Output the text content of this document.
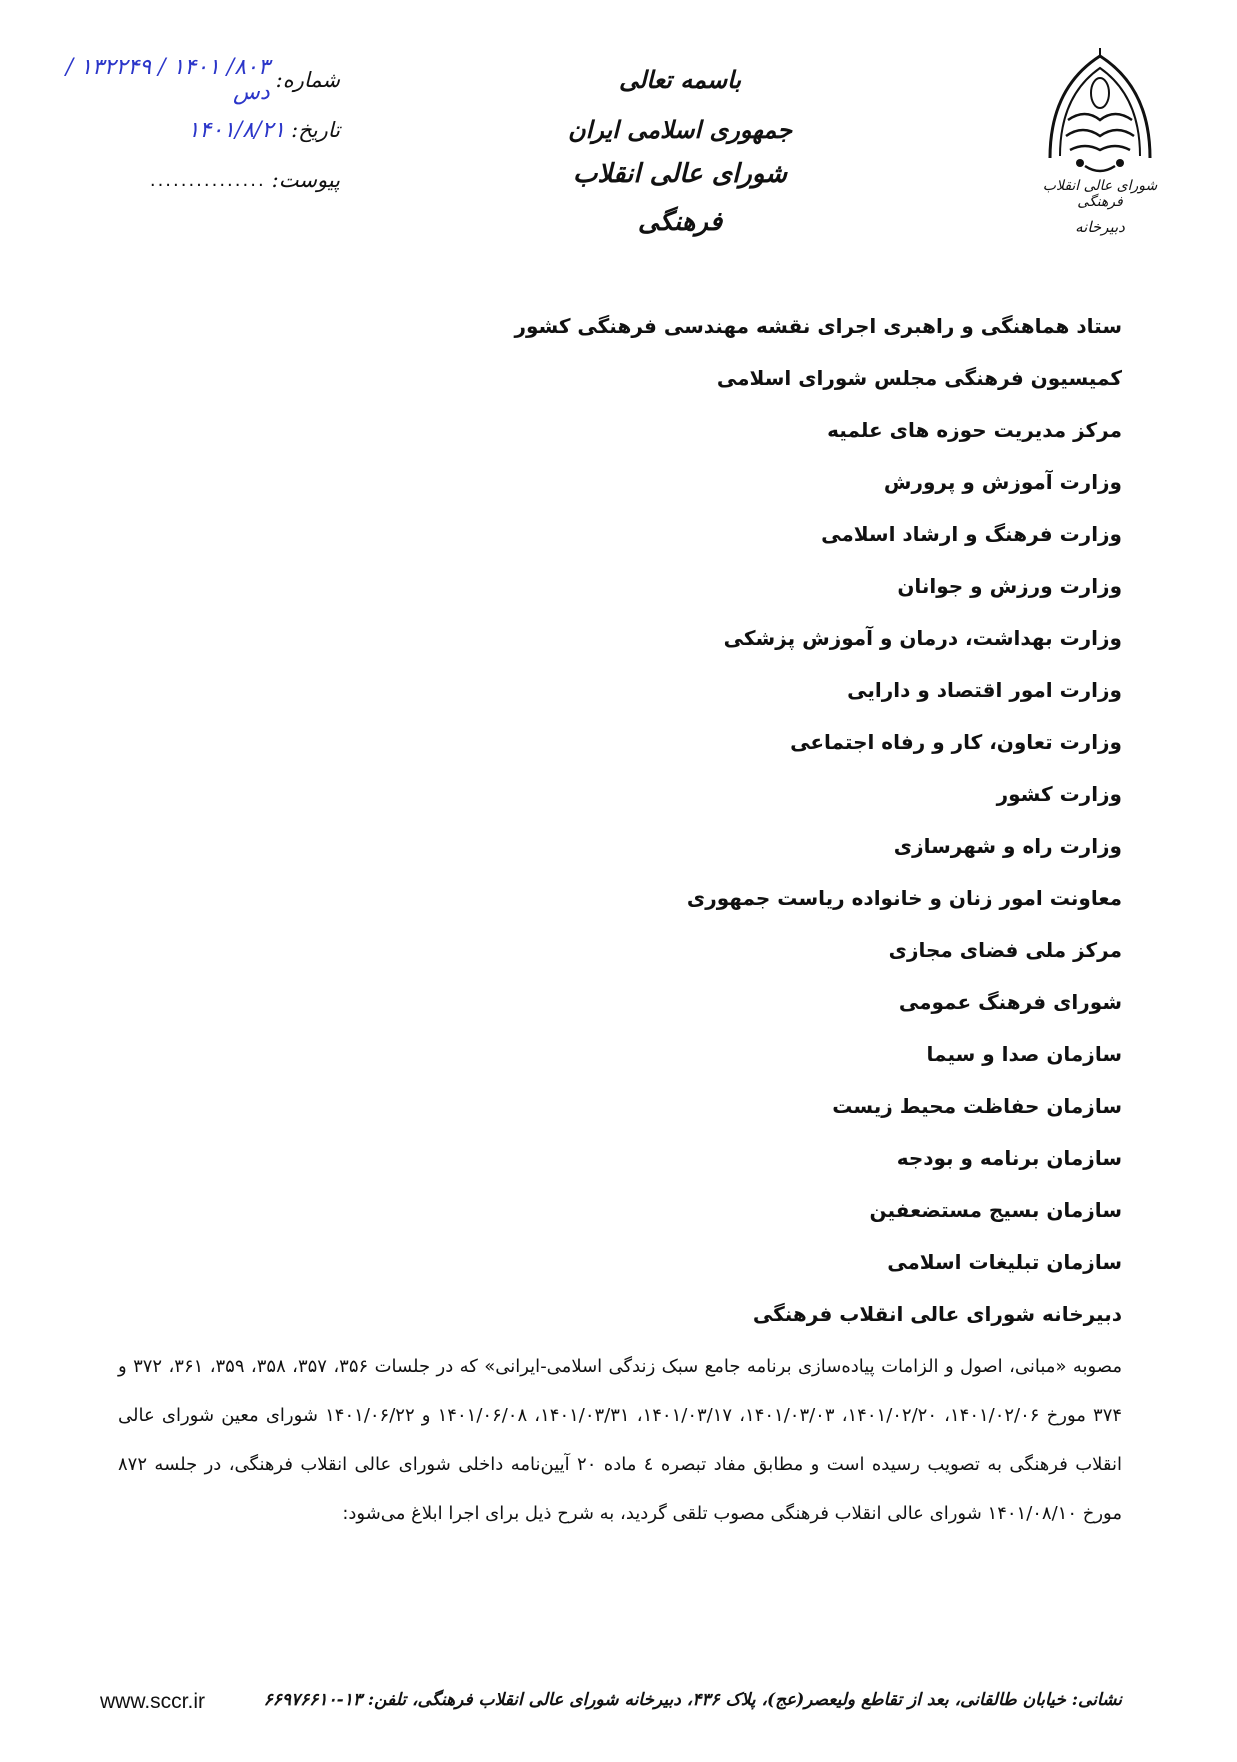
شماره:
۸۰۳/ ۱۴۰۱ / ۱۳۲۲۴۹ /دس
تاریخ:
۱۴۰۱/۸/۲۱
پیوست:
...............
باسمه تعالی
جمهوری اسلامی ایران
شورای عالی انقلاب فرهنگی
شورای عالی انقلاب فرهنگی
دبیرخانه
ستاد هماهنگی و راهبری اجرای نقشه مهندسی فرهنگی کشور
کمیسیون فرهنگی مجلس شورای اسلامی
مرکز مدیریت حوزه های علمیه
وزارت آموزش و پرورش
وزارت فرهنگ و ارشاد اسلامی
وزارت ورزش و جوانان
وزارت بهداشت، درمان و آموزش پزشکی
وزارت امور اقتصاد و دارایی
وزارت تعاون، کار و رفاه اجتماعی
وزارت کشور
وزارت راه و شهرسازی
معاونت امور زنان و خانواده ریاست جمهوری
مرکز ملی فضای مجازی
شورای فرهنگ عمومی
سازمان صدا و سیما
سازمان حفاظت محیط زیست
سازمان برنامه و بودجه
سازمان بسیج مستضعفین
سازمان تبلیغات اسلامی
دبیرخانه شورای عالی انقلاب فرهنگی
مصوبه «مبانی، اصول و الزامات پیاده‌سازی برنامه جامع سبک زندگی اسلامی-ایرانی» که در جلسات ۳۵۶، ۳۵۷، ۳۵۸، ۳۵۹، ۳۶۱، ۳۷۲ و ۳۷۴ مورخ ۱۴۰۱/۰۲/۰۶، ۱۴۰۱/۰۲/۲۰، ۱۴۰۱/۰۳/۰۳، ۱۴۰۱/۰۳/۱۷، ۱۴۰۱/۰۳/۳۱، ۱۴۰۱/۰۶/۰۸ و ۱۴۰۱/۰۶/۲۲ شورای معین شورای عالی انقلاب فرهنگی به تصویب رسیده است و مطابق مفاد تبصره ٤ ماده ۲۰ آیین‌نامه داخلی شورای عالی انقلاب فرهنگی، در جلسه ۸۷۲ مورخ ۱۴۰۱/۰۸/۱۰ شورای عالی انقلاب فرهنگی مصوب تلقی گردید، به شرح ذیل برای اجرا ابلاغ می‌شود:
نشانی: خیابان طالقانی، بعد از تقاطع ولیعصر(عج)، پلاک ۴۳۶، دبیرخانه شورای عالی انقلاب فرهنگی، تلفن: ۱۳-۶۶۹۷۶۶۱۰
www.sccr.ir
